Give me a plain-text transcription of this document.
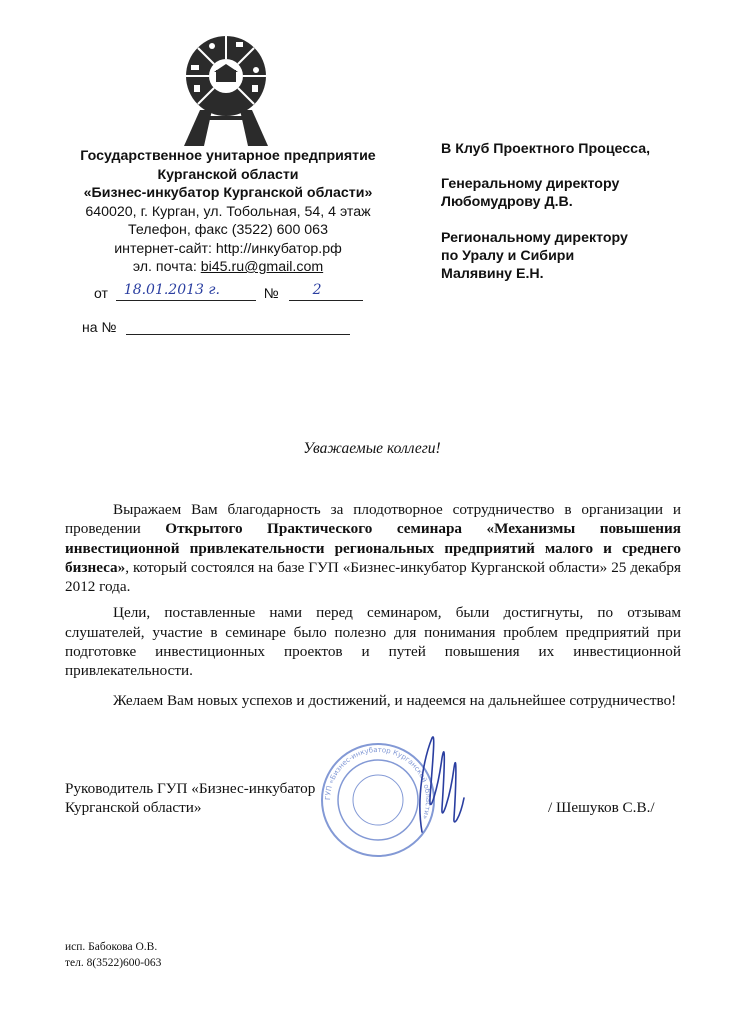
Государственное унитарное предприятие
Курганской области
«Бизнес-инкубатор Курганской области»
640020, г. Курган, ул. Тобольная, 54, 4 этаж
Телефон, факс (3522) 600 063
интернет-сайт: http://инкубатор.рф
эл. почта: bi45.ru@gmail.com
от 18.01.2013 г.	№ 2
на №
В Клуб Проектного Процесса,
Генеральному директору
Любомудрову Д.В.
Региональному директору
по Уралу и Сибири
Малявину Е.Н.
Уважаемые коллеги!

Выражаем Вам благодарность за плодотворное сотрудничество в организации и проведении Открытого Практического семинара «Механизмы повышения инвестиционной привлекательности региональных предприятий малого и среднего бизнеса», который состоялся на базе ГУП «Бизнес-инкубатор Курганской области» 25 декабря 2012 года.

Цели, поставленные нами перед семинаром, были достигнуты, по отзывам слушателей, участие в семинаре было полезно для понимания проблем предприятий при подготовке инвестиционных проектов и путей повышения их инвестиционной привлекательности.

Желаем Вам новых успехов и достижений, и надеемся на дальнейшее сотрудничество!

ГУП «Бизнес-инкубатор Курганской области»
Руководитель ГУП «Бизнес-инкубатор
Курганской области»	/ Шешуков С.В./
исп. Бабокова О.В.
тел. 8(3522)600-063
